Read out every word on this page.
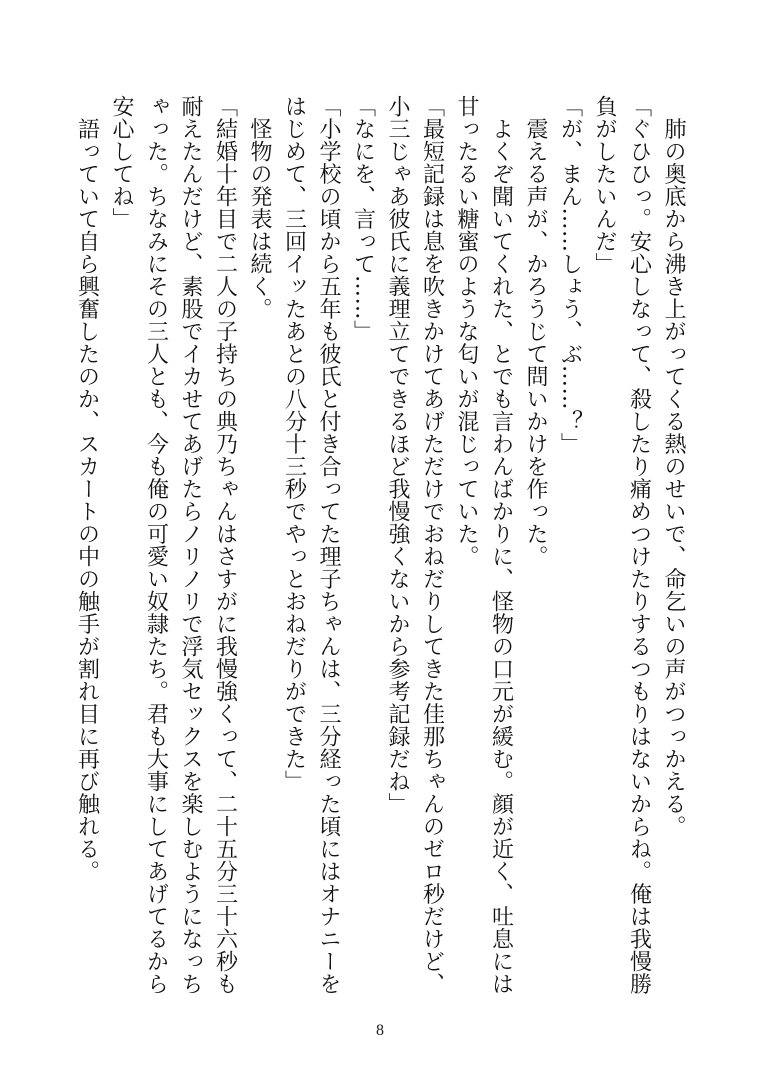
　肺の奥底から沸き上がってくる熱のせいで、命乞いの声がつっかえる。
「ぐひひっ。安心しなって、殺したり痛めつけたりするつもりはないからね。俺は我慢勝
負がしたいんだ」
「が、まん……しょう、ぶ……？」
　震える声が、かろうじて問いかけを作った。
　よくぞ聞いてくれた、とでも言わんばかりに、怪物の口元が緩む。顔が近く、吐息には
甘ったるい糖蜜のような匂いが混じっていた。
「最短記録は息を吹きかけてあげただけでおねだりしてきた佳那ちゃんのゼロ秒だけど、
小三じゃあ彼氏に義理立てできるほど我慢強くないから参考記録だね」
「なにを、言って……」
「小学校の頃から五年も彼氏と付き合ってた理子ちゃんは、三分経った頃にはオナニーを
はじめて、三回イッたあとの八分十三秒でやっとおねだりができた」
　怪物の発表は続く。
「結婚十年目で二人の子持ちの典乃ちゃんはさすがに我慢強くって、二十五分三十六秒も
耐えたんだけど、素股でイカせてあげたらノリノリで浮気セックスを楽しむようになっち
ゃった。ちなみにその三人とも、今も俺の可愛い奴隷たち。君も大事にしてあげてるから
安心してね」
　語っていて自ら興奮したのか、スカートの中の触手が割れ目に再び触れる。
8
